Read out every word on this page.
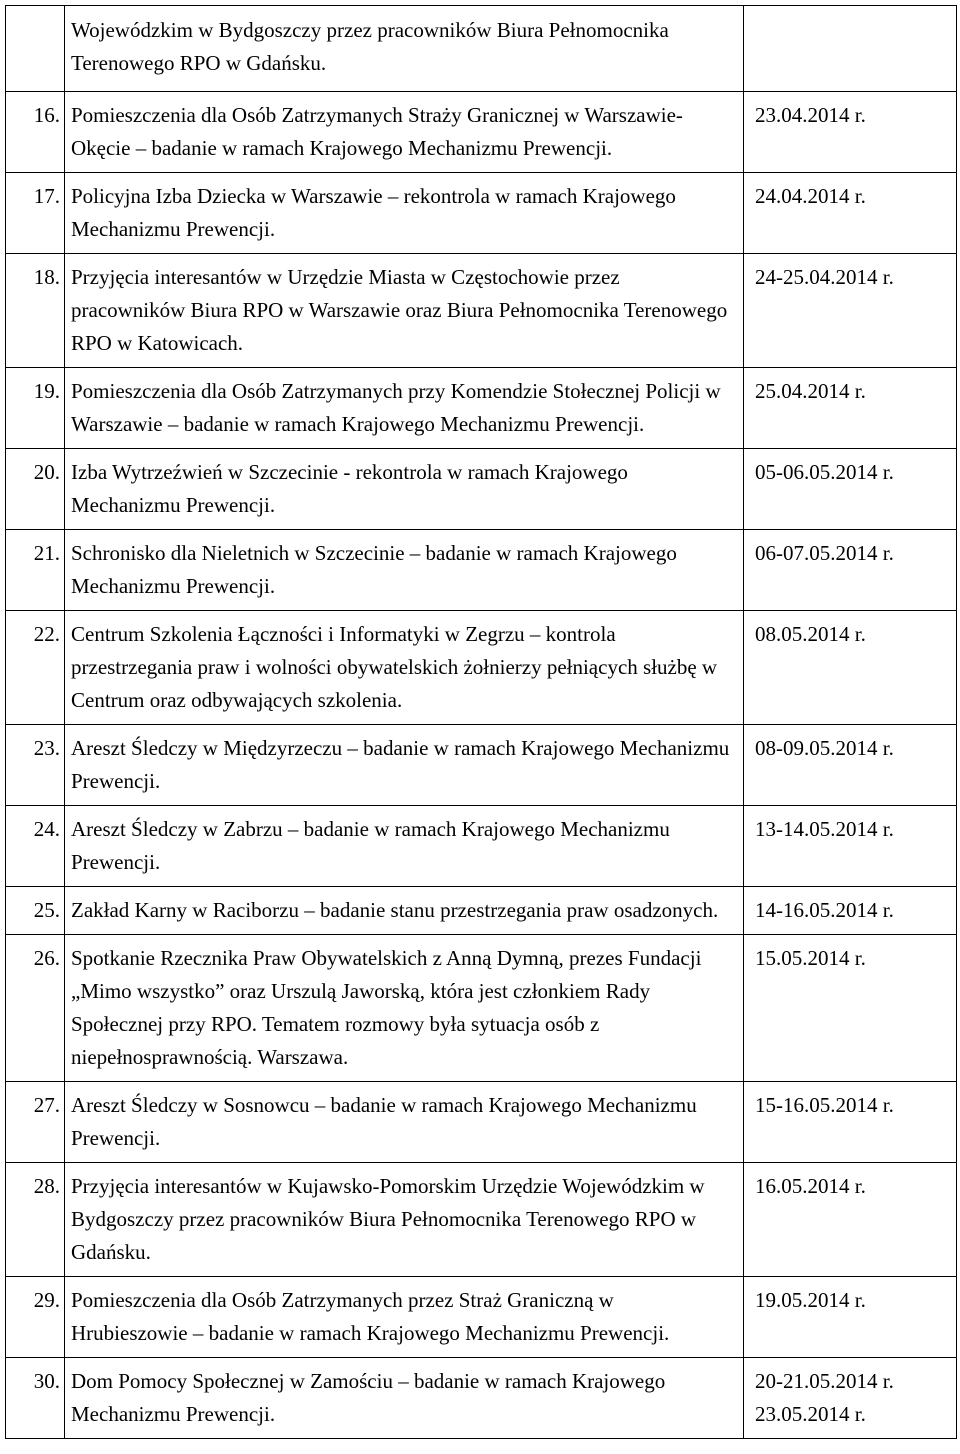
	Wojewódzkim w Bydgoszczy przez pracowników Biura Pełnomocnika Terenowego RPO w Gdańsku.	

16.	Pomieszczenia dla Osób Zatrzymanych Straży Granicznej w Warszawie-Okęcie – badanie w ramach Krajowego Mechanizmu Prewencji.	23.04.2014 r.

17.	Policyjna Izba Dziecka w Warszawie – rekontrola w ramach Krajowego Mechanizmu Prewencji.	24.04.2014 r.

18.	Przyjęcia interesantów w Urzędzie Miasta w Częstochowie przez pracowników Biura RPO w Warszawie oraz Biura Pełnomocnika Terenowego RPO w Katowicach.	24-25.04.2014 r.

19.	Pomieszczenia dla Osób Zatrzymanych przy Komendzie Stołecznej Policji w Warszawie – badanie w ramach Krajowego Mechanizmu Prewencji.	25.04.2014 r.

20.	Izba Wytrzeźwień w Szczecinie - rekontrola w ramach Krajowego Mechanizmu Prewencji.	05-06.05.2014 r.

21.	Schronisko dla Nieletnich w Szczecinie – badanie w ramach Krajowego Mechanizmu Prewencji.	06-07.05.2014 r.

22.	Centrum Szkolenia Łączności i Informatyki w Zegrzu – kontrola przestrzegania praw i wolności obywatelskich żołnierzy pełniących służbę w Centrum oraz odbywających szkolenia.	08.05.2014 r.

23.	Areszt Śledczy w Międzyrzeczu – badanie w ramach Krajowego Mechanizmu Prewencji.	08-09.05.2014 r.

24.	Areszt Śledczy w Zabrzu – badanie w ramach Krajowego Mechanizmu Prewencji.	13-14.05.2014 r.

25.	Zakład Karny w Raciborzu – badanie stanu przestrzegania praw osadzonych.	14-16.05.2014 r.

26.	Spotkanie Rzecznika Praw Obywatelskich z Anną Dymną, prezes Fundacji „Mimo wszystko” oraz Urszulą Jaworską, która jest członkiem Rady Społecznej przy RPO. Tematem rozmowy była sytuacja osób z niepełnosprawnością. Warszawa.	15.05.2014 r.

27.	Areszt Śledczy w Sosnowcu – badanie w ramach Krajowego Mechanizmu Prewencji.	15-16.05.2014 r.

28.	Przyjęcia interesantów w Kujawsko-Pomorskim Urzędzie Wojewódzkim w Bydgoszczy przez pracowników Biura Pełnomocnika Terenowego RPO w Gdańsku.	16.05.2014 r.

29.	Pomieszczenia dla Osób Zatrzymanych przez Straż Graniczną w Hrubieszowie – badanie w ramach Krajowego Mechanizmu Prewencji.	19.05.2014 r.

30.	Dom Pomocy Społecznej w Zamościu – badanie w ramach Krajowego Mechanizmu Prewencji.	20-21.05.2014 r.
23.05.2014 r.
